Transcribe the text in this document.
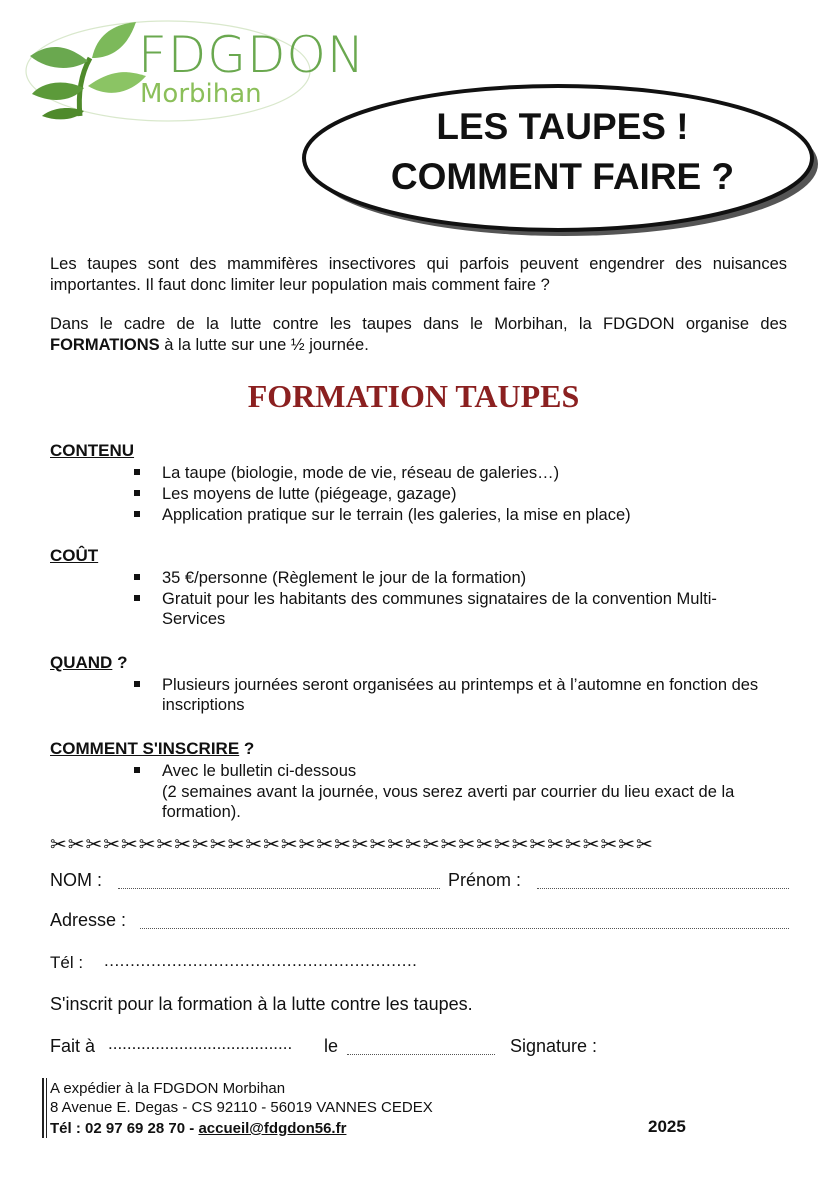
FDGDON
Morbihan
LES TAUPES !
COMMENT FAIRE ?
Les taupes sont des mammifères insectivores qui parfois peuvent engendrer des nuisances importantes. Il faut donc limiter leur population mais comment faire ?
Dans le cadre de la lutte contre les taupes dans le Morbihan, la FDGDON organise des FORMATIONS à la lutte sur une ½ journée.
FORMATION TAUPES
CONTENU
La taupe (biologie, mode de vie, réseau de galeries…)
Les moyens de lutte (piégeage, gazage)
Application pratique sur le terrain (les galeries, la mise en place)
COÛT
35 €/personne (Règlement le jour de la formation)
Gratuit pour les habitants des communes signataires de la convention Multi-Services
QUAND ?
Plusieurs journées seront organisées au printemps et à l’automne en fonction des inscriptions
COMMENT S'INSCRIRE ?
Avec le bulletin ci-dessous
(2 semaines avant la journée, vous serez averti par courrier du lieu exact de la formation).
✂✂✂✂✂✂✂✂✂✂✂✂✂✂✂✂✂✂✂✂✂✂✂✂✂✂✂✂✂✂✂✂✂✂
NOM :	Prénom :
Adresse :
Tél : ............................................................
S'inscrit pour la formation à la lutte contre les taupes.
Fait à ....................................... le	Signature :
A expédier à la FDGDON Morbihan
8 Avenue E. Degas - CS 92110 - 56019 VANNES CEDEX
Tél : 02 97 69 28 70 - accueil@fdgdon56.fr	2025
